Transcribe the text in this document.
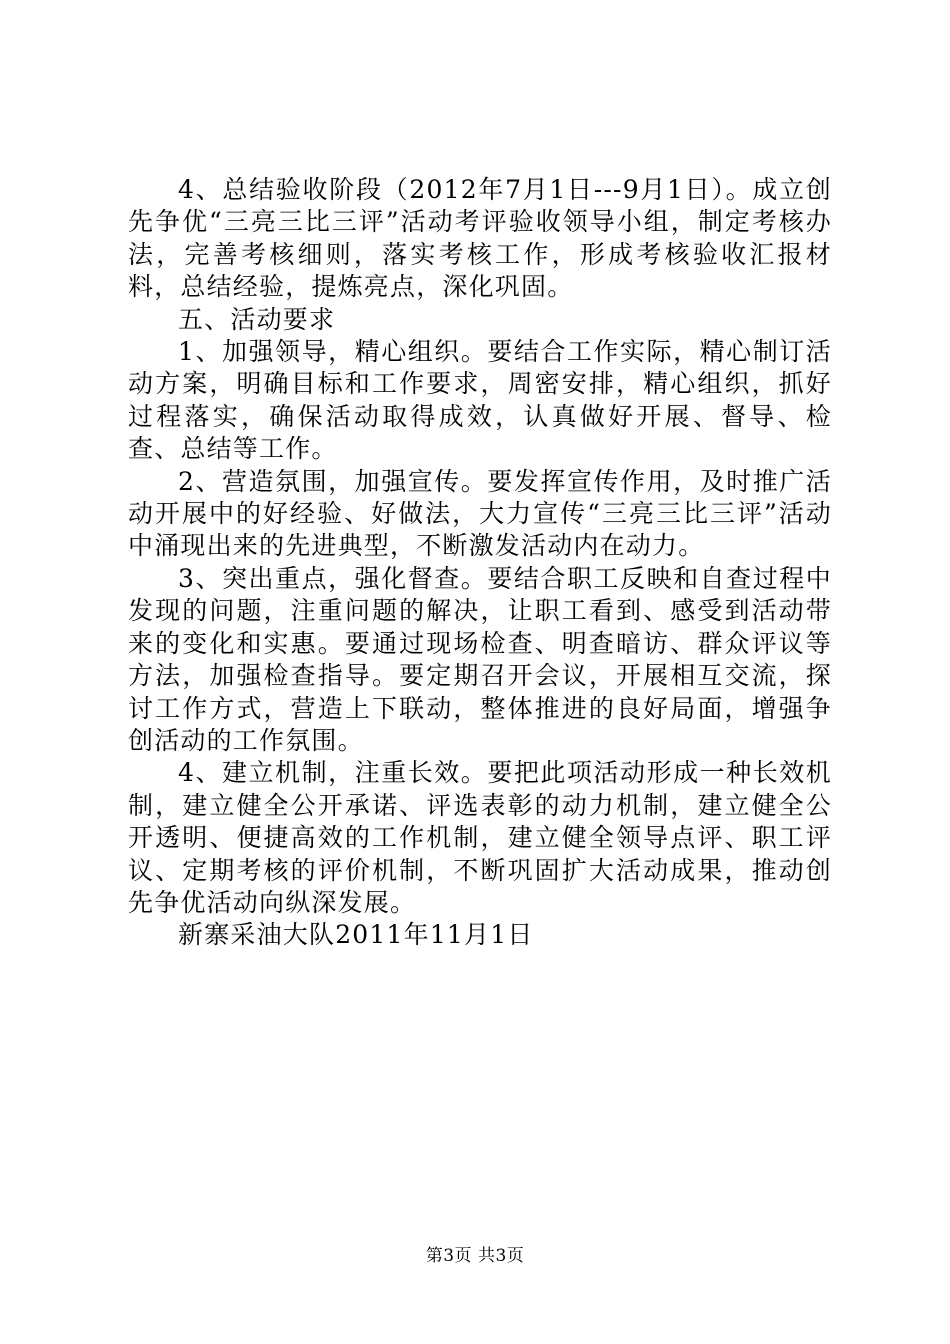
4、总结验收阶段（2012年7月1日---9月1日）。成立创先争优“三亮三比三评”活动考评验收领导小组，制定考核办法，完善考核细则，落实考核工作，形成考核验收汇报材料，总结经验，提炼亮点，深化巩固。

五、活动要求

1、加强领导，精心组织。要结合工作实际，精心制订活动方案，明确目标和工作要求，周密安排，精心组织，抓好过程落实，确保活动取得成效，认真做好开展、督导、检查、总结等工作。

2、营造氛围，加强宣传。要发挥宣传作用，及时推广活动开展中的好经验、好做法，大力宣传“三亮三比三评”活动中涌现出来的先进典型，不断激发活动内在动力。

3、突出重点，强化督查。要结合职工反映和自查过程中发现的问题，注重问题的解决，让职工看到、感受到活动带来的变化和实惠。要通过现场检查、明查暗访、群众评议等方法，加强检查指导。要定期召开会议，开展相互交流，探讨工作方式，营造上下联动，整体推进的良好局面，增强争创活动的工作氛围。

4、建立机制，注重长效。要把此项活动形成一种长效机制，建立健全公开承诺、评选表彰的动力机制，建立健全公开透明、便捷高效的工作机制，建立健全领导点评、职工评议、定期考核的评价机制，不断巩固扩大活动成果，推动创先争优活动向纵深发展。

新寨采油大队2011年11月1日

第3页 共3页
